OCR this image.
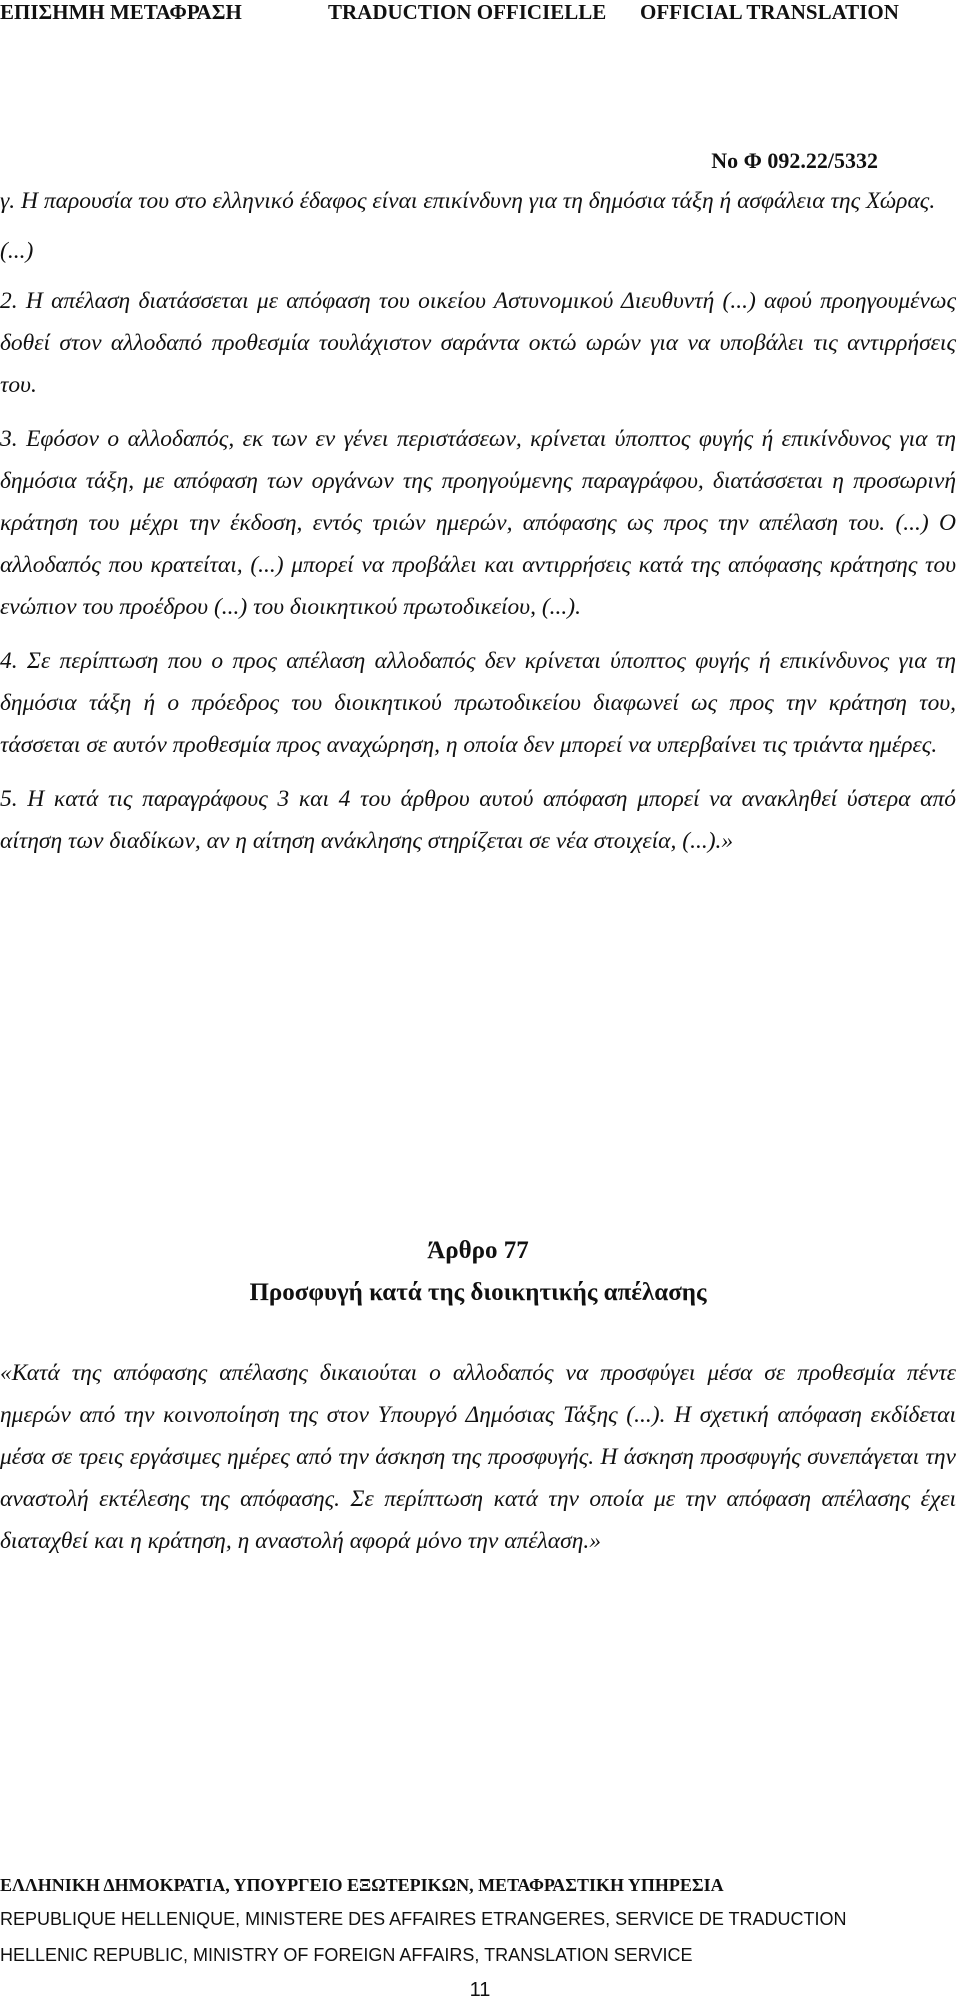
ΕΠΙΣΗΜΗ ΜΕΤΑΦΡΑΣΗ	TRADUCTION OFFICIELLE OFFICIAL TRANSLATION
No Φ 092.22/5332

γ. Η παρουσία του στο ελληνικό έδαφος είναι επικίνδυνη για τη δημόσια τάξη ή ασφάλεια της Χώρας.

(...)

2. Η απέλαση διατάσσεται με απόφαση του οικείου Αστυνομικού Διευθυντή (...) αφού προηγουμένως δοθεί στον αλλοδαπό προθεσμία τουλάχιστον σαράντα οκτώ ωρών για να υποβάλει τις αντιρρήσεις του.

3. Εφόσον ο αλλοδαπός, εκ των εν γένει περιστάσεων, κρίνεται ύποπτος φυγής ή επικίνδυνος για τη δημόσια τάξη, με απόφαση των οργάνων της προηγούμενης παραγράφου, διατάσσεται η προσωρινή κράτηση του μέχρι την έκδοση, εντός τριών ημερών, απόφασης ως προς την απέλαση του. (...) Ο αλλοδαπός που κρατείται, (...) μπορεί να προβάλει και αντιρρήσεις κατά της απόφασης κράτησης του ενώπιον του προέδρου (...) του διοικητικού πρωτοδικείου, (...).

4. Σε περίπτωση που ο προς απέλαση αλλοδαπός δεν κρίνεται ύποπτος φυγής ή επικίνδυνος για τη δημόσια τάξη ή ο πρόεδρος του διοικητικού πρωτοδικείου διαφωνεί ως προς την κράτηση του, τάσσεται σε αυτόν προθεσμία προς αναχώρηση, η οποία δεν μπορεί να υπερβαίνει τις τριάντα ημέρες.

5. Η κατά τις παραγράφους 3 και 4 του άρθρου αυτού απόφαση μπορεί να ανακληθεί ύστερα από αίτηση των διαδίκων, αν η αίτηση ανάκλησης στηρίζεται σε νέα στοιχεία, (...).»

Άρθρο 77
Προσφυγή κατά της διοικητικής απέλασης

«Κατά της απόφασης απέλασης δικαιούται ο αλλοδαπός να προσφύγει μέσα σε προθεσμία πέντε ημερών από την κοινοποίηση της στον Υπουργό Δημόσιας Τάξης (...). Η σχετική απόφαση εκδίδεται μέσα σε τρεις εργάσιμες ημέρες από την άσκηση της προσφυγής. Η άσκηση προσφυγής συνεπάγεται την αναστολή εκτέλεσης της απόφασης. Σε περίπτωση κατά την οποία με την απόφαση απέλασης έχει διαταχθεί και η κράτηση, η αναστολή αφορά μόνο την απέλαση.»

ΕΛΛΗΝΙΚΗ ΔΗΜΟΚΡΑΤΙΑ, ΥΠΟΥΡΓΕΙΟ ΕΞΩΤΕΡΙΚΩΝ, ΜΕΤΑΦΡΑΣΤΙΚΗ ΥΠΗΡΕΣΙΑ
REPUBLIQUE HELLENIQUE, MINISTERE DES AFFAIRES ETRANGERES, SERVICE DE TRADUCTION
HELLENIC REPUBLIC, MINISTRY OF FOREIGN AFFAIRS, TRANSLATION SERVICE
11
